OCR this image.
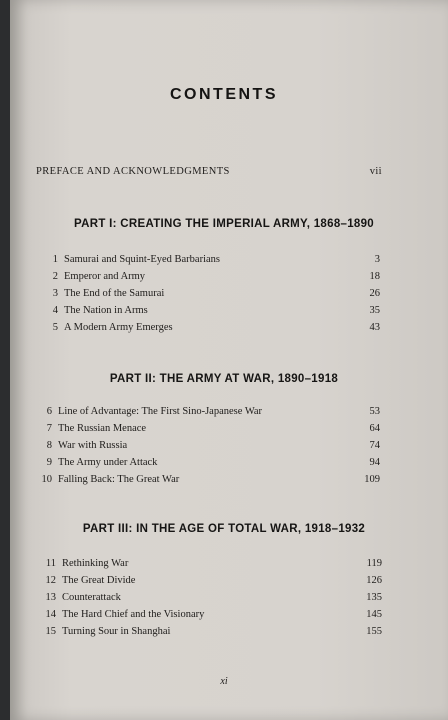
CONTENTS
PREFACE AND ACKNOWLEDGMENTS	vii
PART I: CREATING THE IMPERIAL ARMY, 1868–1890
1 Samurai and Squint-Eyed Barbarians	3
2 Emperor and Army	18
3 The End of the Samurai	26
4 The Nation in Arms	35
5 A Modern Army Emerges	43
PART II: THE ARMY AT WAR, 1890–1918
6 Line of Advantage: The First Sino-Japanese War	53
7 The Russian Menace	64
8 War with Russia	74
9 The Army under Attack	94
10 Falling Back: The Great War	109
PART III: IN THE AGE OF TOTAL WAR, 1918–1932
11 Rethinking War	119
12 The Great Divide	126
13 Counterattack	135
14 The Hard Chief and the Visionary	145
15 Turning Sour in Shanghai	155
xi
